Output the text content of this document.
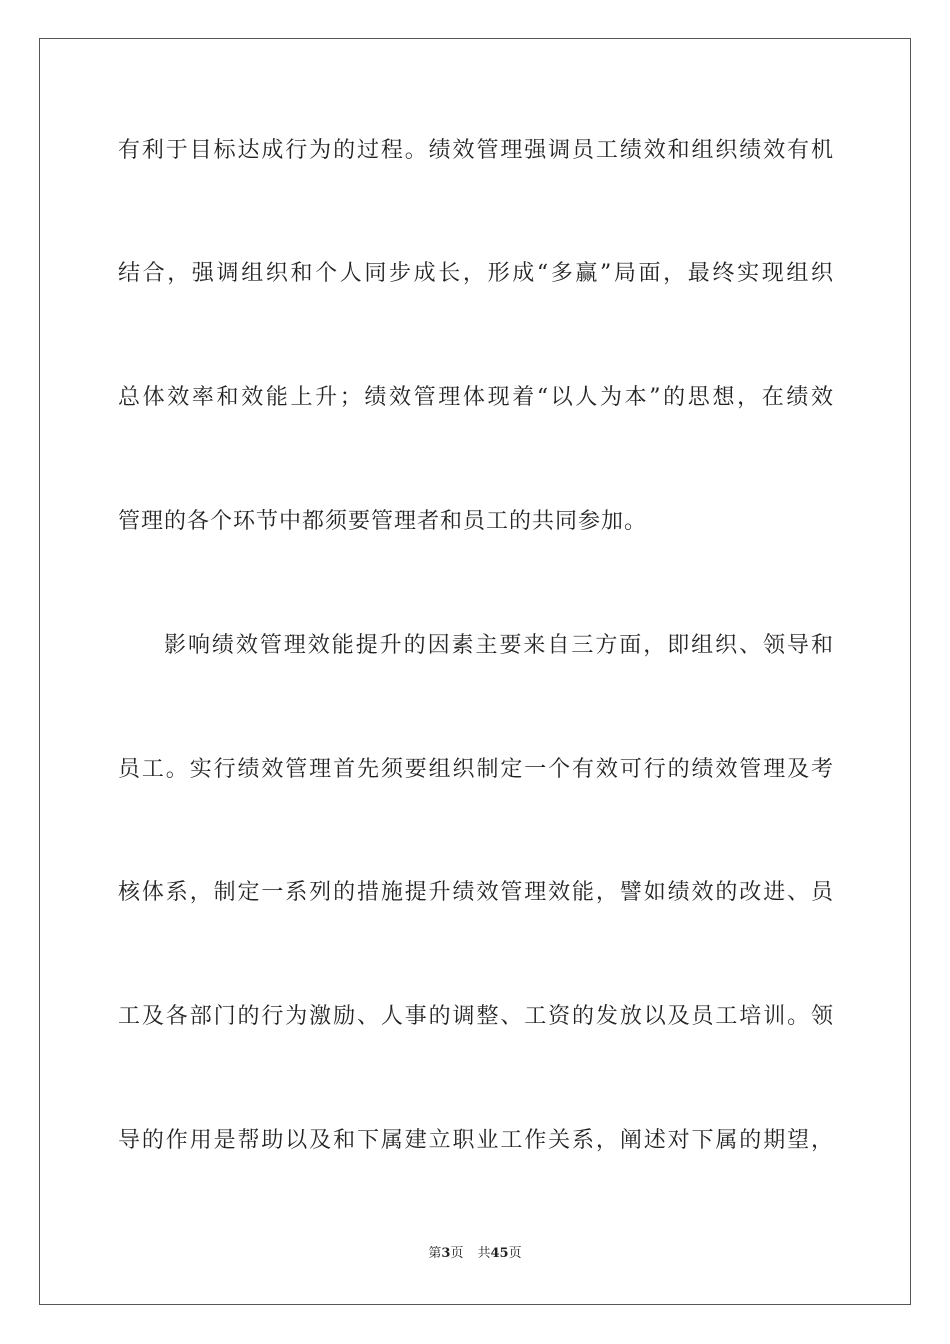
有利于目标达成行为的过程。绩效管理强调员工绩效和组织绩效有机
结合，强调组织和个人同步成长，形成“多赢”局面，最终实现组织
总体效率和效能上升；绩效管理体现着“以人为本”的思想，在绩效
管理的各个环节中都须要管理者和员工的共同参加。
影响绩效管理效能提升的因素主要来自三方面，即组织、领导和
员工。实行绩效管理首先须要组织制定一个有效可行的绩效管理及考
核体系，制定一系列的措施提升绩效管理效能，譬如绩效的改进、员
工及各部门的行为激励、人事的调整、工资的发放以及员工培训。领
导的作用是帮助以及和下属建立职业工作关系，阐述对下属的期望，
第3页 共45页
